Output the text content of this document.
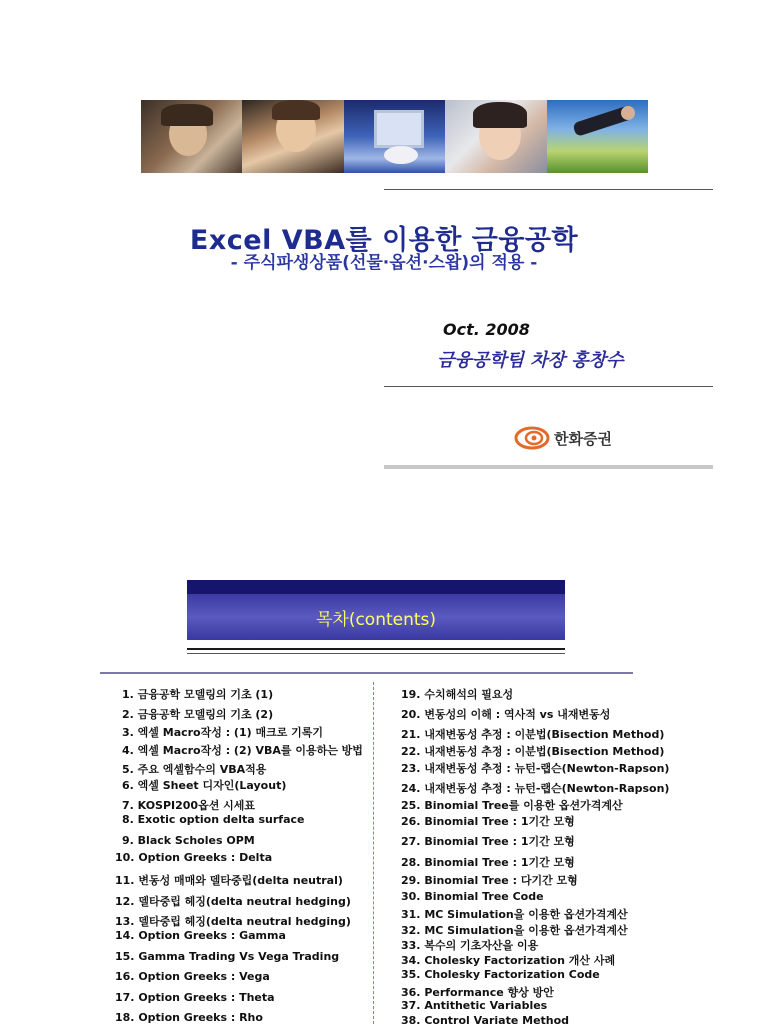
Excel VBA를 이용한 금융공학
- 주식파생상품(선물·옵션·스왑)의 적용 -
Oct. 2008
금융공학팀 차장 홍창수
한화증권
목차(contents)
1. 금융공학 모델링의 기초 (1)
2. 금융공학 모델링의 기초 (2)
3. 엑셀 Macro작성 : (1) 매크로 기록기
4. 엑셀 Macro작성 : (2) VBA를 이용하는 방법
5. 주요 엑셀함수의 VBA적용
6. 엑셀 Sheet 디자인(Layout)
7. KOSPI200옵션 시세표
8. Exotic option delta surface
9. Black Scholes OPM
10. Option Greeks : Delta
11. 변동성 매매와 델타중립(delta neutral)
12. 델타중립 헤징(delta neutral hedging)
13. 델타중립 헤징(delta neutral hedging)
14. Option Greeks : Gamma
15. Gamma Trading Vs Vega Trading
16. Option Greeks : Vega
17. Option Greeks : Theta
18. Option Greeks : Rho
19. 수치해석의 필요성
20. 변동성의 이해 : 역사적 vs 내재변동성
21. 내재변동성 추정 : 이분법(Bisection Method)
22. 내재변동성 추정 : 이분법(Bisection Method)
23. 내재변동성 추정 : 뉴턴-랩슨(Newton-Rapson)
24. 내재변동성 추정 : 뉴턴-랩슨(Newton-Rapson)
25. Binomial Tree를 이용한 옵션가격계산
26. Binomial Tree : 1기간 모형
27. Binomial Tree : 1기간 모형
28. Binomial Tree : 1기간 모형
29. Binomial Tree : 다기간 모형
30. Binomial Tree Code
31. MC Simulation을 이용한 옵션가격계산
32. MC Simulation을 이용한 옵션가격계산
33. 복수의 기초자산을 이용
34. Cholesky Factorization 개산 사례
35. Cholesky Factorization Code
36. Performance 향상 방안
37. Antithetic Variables
38. Control Variate Method
